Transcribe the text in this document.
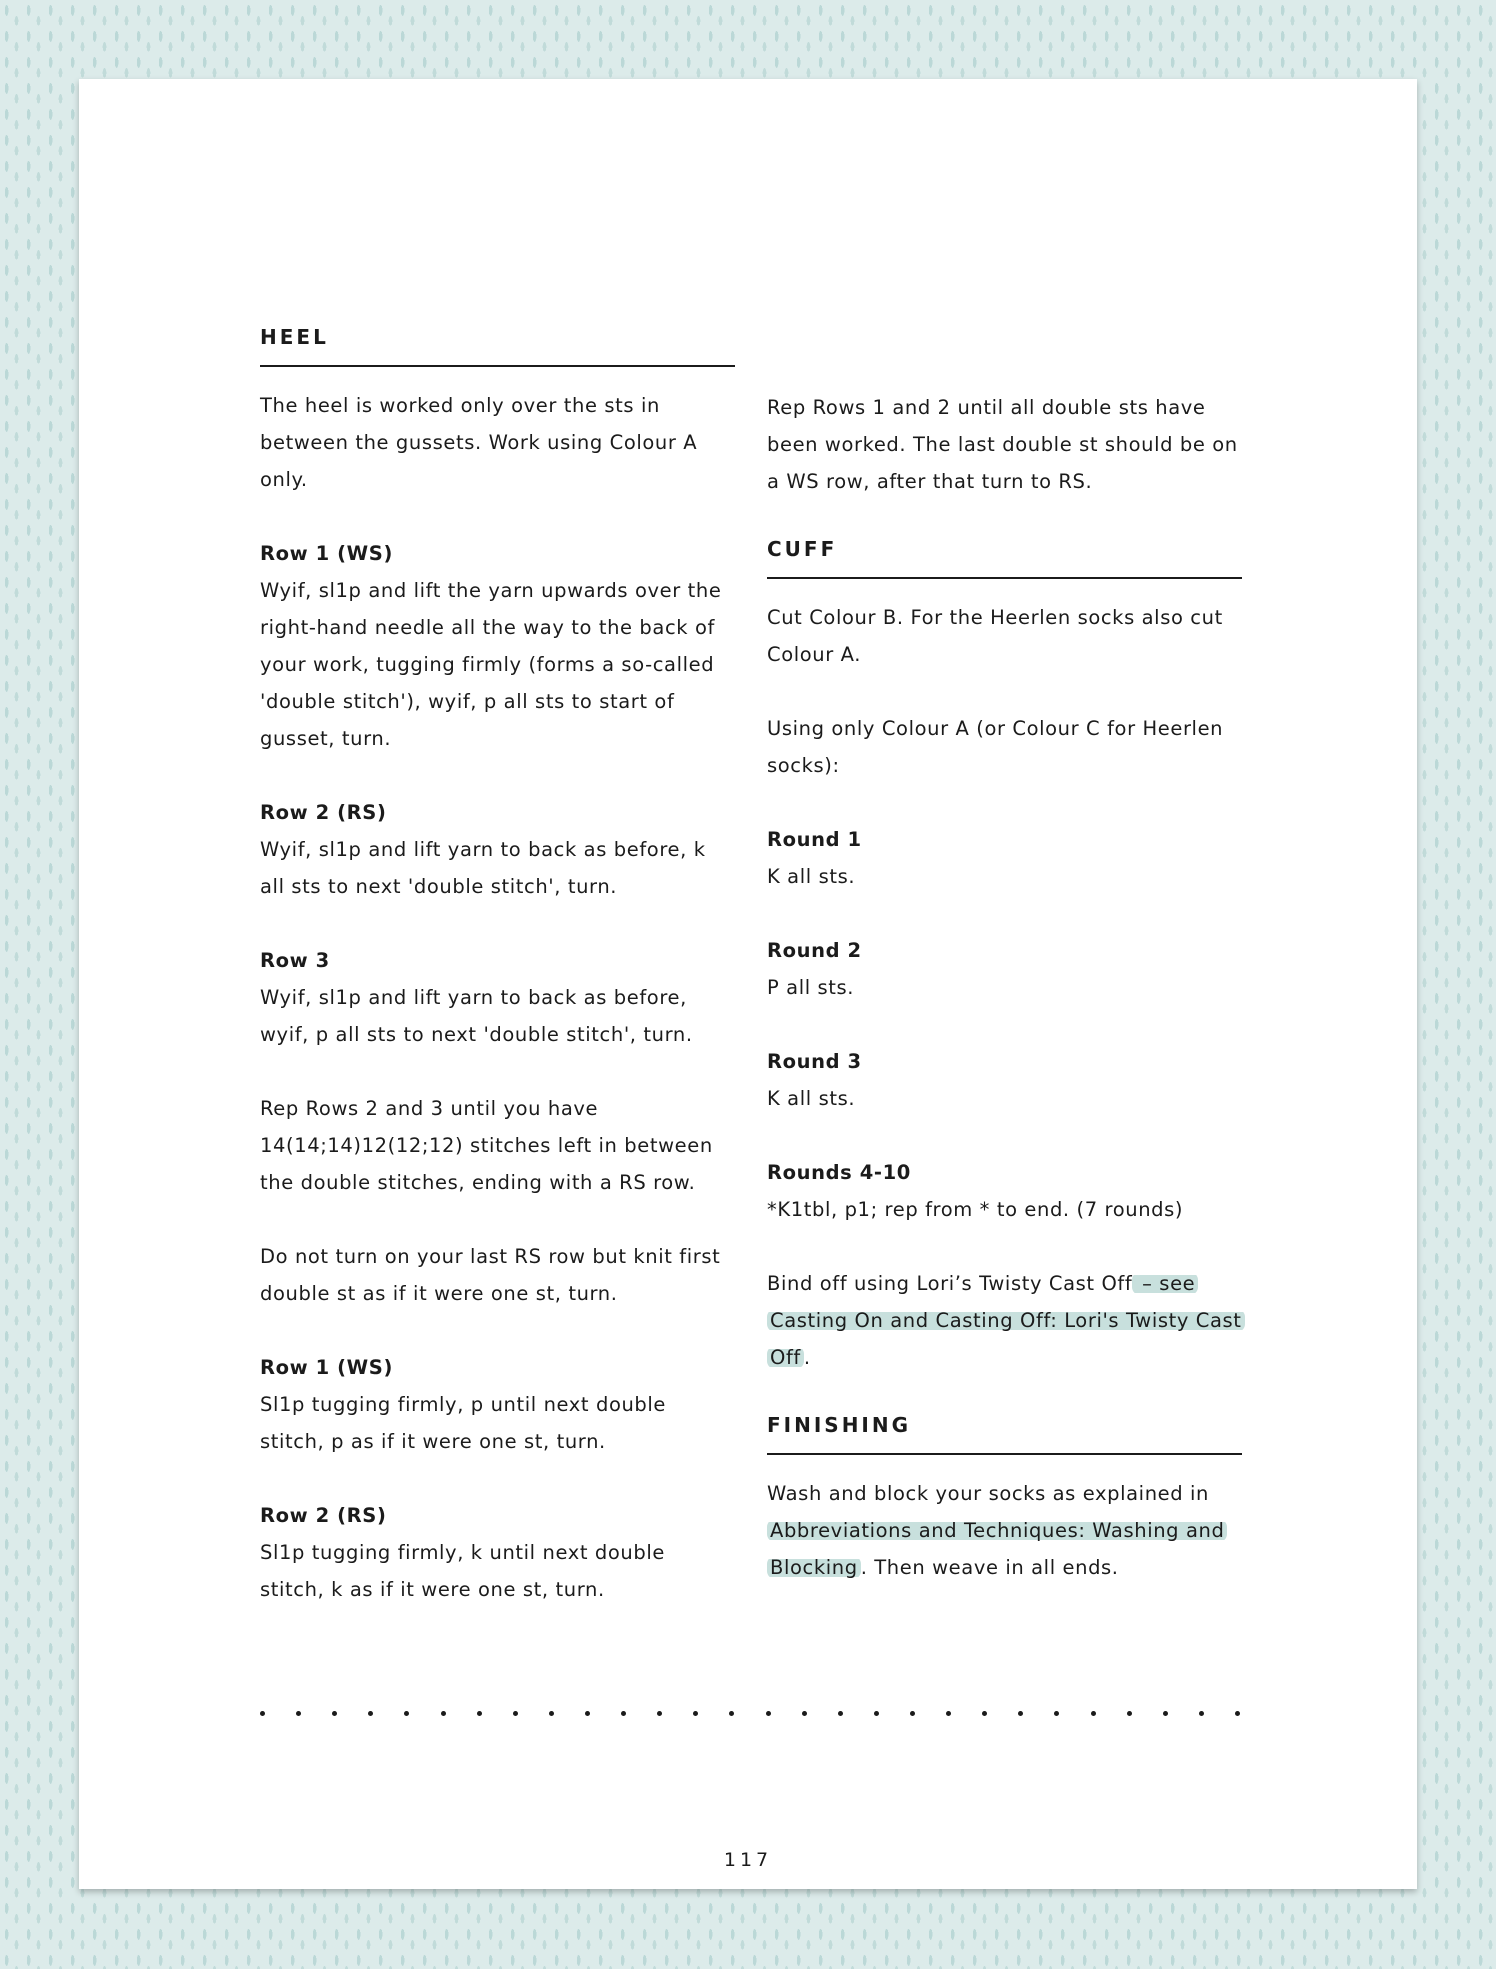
HEEL

The heel is worked only over the sts in between the gussets. Work using Colour A only.

Row 1 (WS)
Wyif, sl1p and lift the yarn upwards over the right-hand needle all the way to the back of your work, tugging firmly (forms a so-called 'double stitch'), wyif, p all sts to start of gusset, turn.

Row 2 (RS)
Wyif, sl1p and lift yarn to back as before, k all sts to next 'double stitch', turn.

Row 3
Wyif, sl1p and lift yarn to back as before, wyif, p all sts to next 'double stitch', turn.

Rep Rows 2 and 3 until you have 14(14;14)12(12;12) stitches left in between the double stitches, ending with a RS row.

Do not turn on your last RS row but knit first double st as if it were one st, turn.

Row 1 (WS)
Sl1p tugging firmly, p until next double stitch, p as if it were one st, turn.

Row 2 (RS)
Sl1p tugging firmly, k until next double stitch, k as if it were one st, turn.

Rep Rows 1 and 2 until all double sts have been worked. The last double st should be on a WS row, after that turn to RS.

CUFF

Cut Colour B. For the Heerlen socks also cut Colour A.

Using only Colour A (or Colour C for Heerlen socks):

Round 1
K all sts.

Round 2
P all sts.

Round 3
K all sts.

Rounds 4-10
*K1tbl, p1; rep from * to end. (7 rounds)

Bind off using Lori’s Twisty Cast Off – see Casting On and Casting Off: Lori's Twisty Cast Off .

FINISHING

Wash and block your socks as explained in Abbreviations and Techniques: Washing and Blocking . Then weave in all ends.

117
